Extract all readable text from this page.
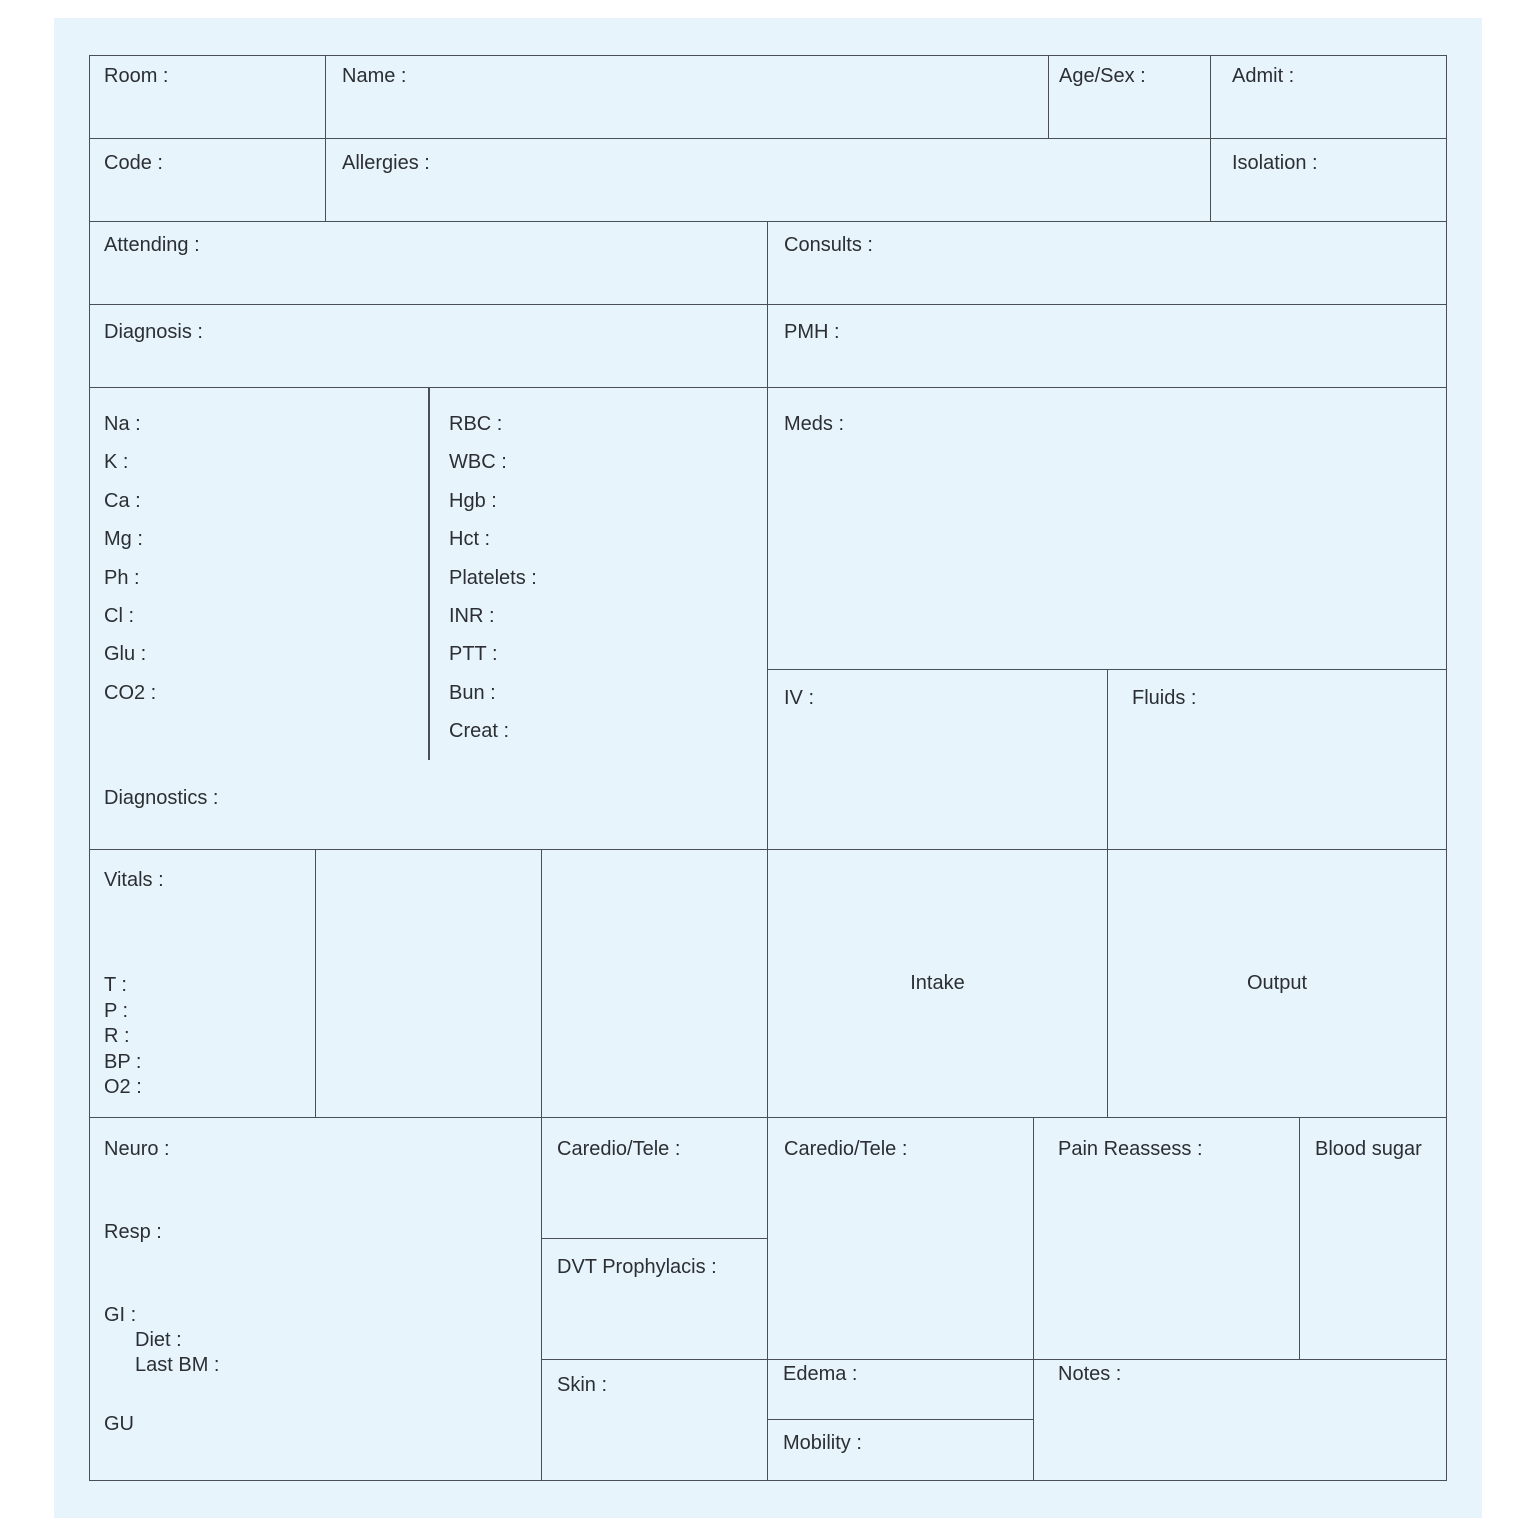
Room :	Name :	Age/Sex :	Admit :
Code :	Allergies :	Isolation :
Attending :	Consults :
Diagnosis :	PMH :
Na :
K :
Ca :
Mg :
Ph :
Cl :
Glu :
CO2 :
RBC :
WBC :
Hgb :
Hct :
Platelets :
INR :
PTT :
Bun :
Creat :
Diagnostics :
Meds :
IV :	Fluids :
Vitals :
T :
P :
R :
BP :
O2 :
Intake	Output
Neuro :
Resp :
GI :
Diet :
Last BM :
GU
Caredio/Tele :
DVT Prophylacis :
Skin :
Caredio/Tele :
Edema :
Mobility :
Pain Reassess :	Blood sugar
Notes :
